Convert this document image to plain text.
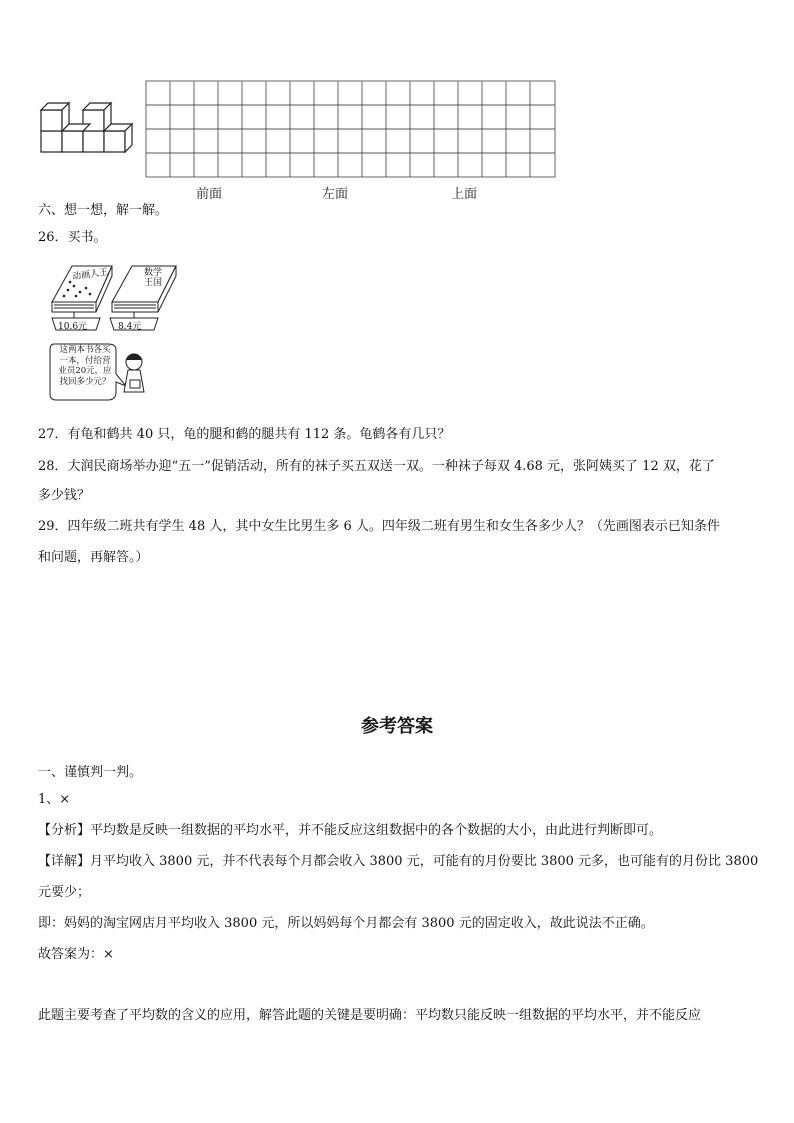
前面	左面	上面
六、想一想，解一解。
26．买书。
动画人王	数学王国
10.6元	8.4元
这两本书各买
一本，付给营
业员20元，应
找回多少元？
27．有龟和鹤共 40 只，龟的腿和鹤的腿共有 112 条。龟鹤各有几只？
28．大润民商场举办迎“五一”促销活动，所有的袜子买五双送一双。一种袜子每双 4.68 元，张阿姨买了 12 双，花了
多少钱？
29．四年级二班共有学生 48 人，其中女生比男生多 6 人。四年级二班有男生和女生各多少人？（先画图表示已知条件
和问题，再解答。）
参考答案
一、谨慎判一判。
1、×
【分析】平均数是反映一组数据的平均水平，并不能反应这组数据中的各个数据的大小，由此进行判断即可。
【详解】月平均收入 3800 元，并不代表每个月都会收入 3800 元，可能有的月份要比 3800 元多，也可能有的月份比 3800
元要少；
即：妈妈的淘宝网店月平均收入 3800 元，所以妈妈每个月都会有 3800 元的固定收入，故此说法不正确。
故答案为：×
此题主要考查了平均数的含义的应用，解答此题的关键是要明确：平均数只能反映一组数据的平均水平，并不能反应
